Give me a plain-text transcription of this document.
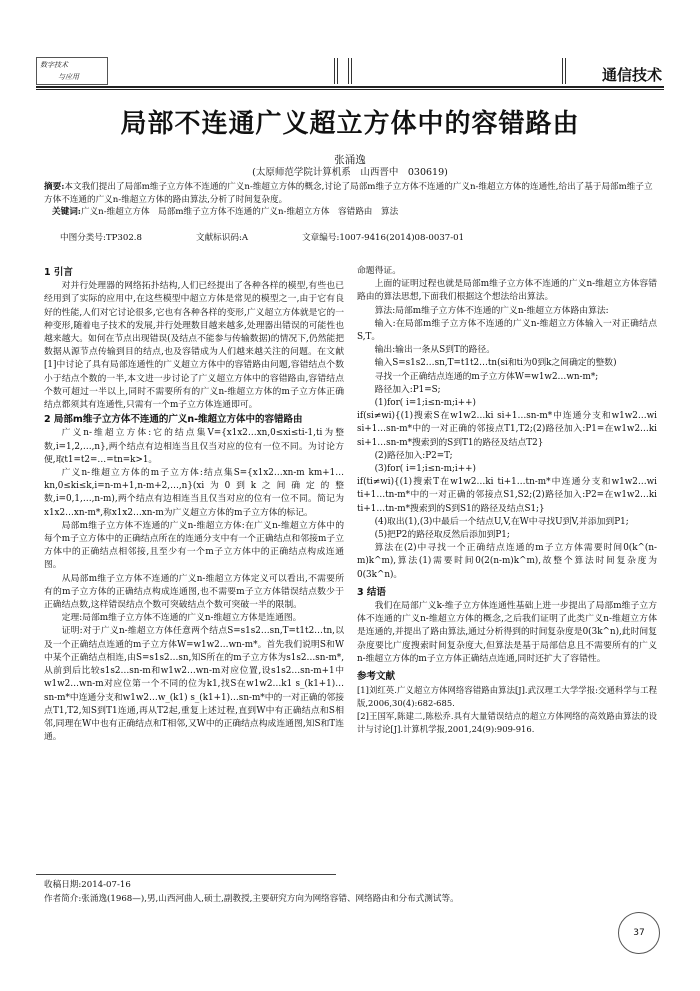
数字技术
与应用	通信技术
局部不连通广义超立方体中的容错路由
张涌逸
(太原师范学院计算机系　山西晋中　030619)
摘要:本文我们提出了局部m维子立方体不连通的广义n-维超立方体的概念,讨论了局部m维子立方体不连通的广义n-维超立方体的连通性,给出了基于局部m维子立方体不连通的广义n-维超立方体的路由算法,分析了时间复杂度。
关键词:广义n-维超立方体　局部m维子立方体不连通的广义n-维超立方体　容错路由　算法
中图分类号:TP302.8	文献标识码:A	文章编号:1007-9416(2014)08-0037-01
1 引言

对并行处理器的网络拓扑结构,人们已经提出了各种各样的模型,有些也已经用到了实际的应用中,在这些模型中超立方体是常见的模型之一,由于它有良好的性能,人们对它讨论很多,它也有各种各样的变形,广义超立方体就是它的一种变形,随着电子技术的发展,并行处理数目越来越多,处理器出错误的可能性也越来越大。如何在节点出现错误(及结点不能参与传输数据)的情况下,仍然能把数据从源节点传输到目的结点,也及容错成为人们越来越关注的问题。在文献[1]中讨论了具有局部连通性的广义超立方体中的容错路由问题,容错结点个数小于结点个数的一半,本文进一步讨论了广义超立方体中的容错路由,容错结点个数可超过一半以上,同时不需要所有的广义n-维超立方体的m子立方体正确结点都须其有连通性,只需有一个m子立方体连通即可。

2 局部m维子立方体不连通的广义n-维超立方体中的容错路由

广义n-维超立方体:它的结点集V={x1x2…xn,0≤xi≤ti-1,ti为整数,i=1,2,…,n},两个结点有边相连当且仅当对应的位有一位不同。为讨论方便,取t1=t2=…=tn=k>1。

广义n-维超立方体的m子立方体:结点集S={x1x2…xn-m km+1…kn,0≤ki≤k,i=n-m+1,n-m+2,…,n}(xi为0到k之间确定的整数,i=0,1,…,n-m),两个结点有边相连当且仅当对应的位有一位不同。简记为x1x2…xn-m*,称x1x2…xn-m为广义超立方体的m子立方体的标记。

局部m维子立方体不连通的广义n-维超立方体:在广义n-维超立方体中的每个m子立方体中的正确结点所在的连通分支中有一个正确结点和邻接m子立方体中的正确结点相邻接,且至少有一个m子立方体中的正确结点构成连通图。

从局部m维子立方体不连通的广义n-维超立方体定义可以看出,不需要所有的m子立方体的正确结点构成连通图,也不需要m子立方体错误结点数少于正确结点数,这样错误结点个数可突破结点个数可突破一半的限制。

定理:局部m维子立方体不连通的广义n-维超立方体是连通图。

证明:对于广义n-维超立方体任意两个结点S=s1s2…sn,T=t1t2…tn,以及一个正确结点连通的m子立方体W=w1w2…wn-m*。首先我们说明S和W中某个正确结点相连,由S=s1s2…sn,知S所在的m子立方体为s1s2…sn-m*,从前到后比较s1s2…sn-m和w1w2…wn-m对应位置,设s1s2…sn-m+1中w1w2…wn-m对应位第一个不同的位为k1,找S在w1w2…k1 s_(k1+1)…sn-m*中连通分支和w1w2…w_(k1) s_(k1+1)…sn-m*中的一对正确的邻接点T1,T2,知S到T1连通,再从T2起,重复上述过程,直到W中有正确结点和S相邻,同理在W中也有正确结点和T相邻,又W中的正确结点构成连通图,知S和T连通。

命题得证。

上面的证明过程也就是局部m维子立方体不连通的广义n-维超立方体容错路由的算法思想,下面我们根据这个想法给出算法。

算法:局部m维子立方体不连通的广义n-维超立方体路由算法:

输入:在局部m维子立方体不连通的广义n-维超立方体输入一对正确结点S,T。

输出:输出一条从S到T的路径。

输入S=s1s2…sn,T=t1t2…tn(si和ti为0到k之间确定的整数)

寻找一个正确结点连通的m子立方体W=w1w2…wn-m*;

路径加入:P1=S;

(1)for( i=1;i≤n-m;i++)

if(si≠wi){(1)搜索S在w1w2…ki si+1…sn-m*中连通分支和w1w2…wi si+1…sn-m*中的一对正确的邻接点T1,T2;(2)路径加入:P1=在w1w2…ki si+1…sn-m*搜索到的S到T1的路径及结点T2}

(2)路径加入:P2=T;

(3)for( i=1;i≤n-m;i++)

if(ti≠wi){(1)搜索T在w1w2…ki ti+1…tn-m*中连通分支和w1w2…wi ti+1…tn-m*中的一对正确的邻接点S1,S2;(2)路径加入:P2=在w1w2…ki ti+1…tn-m*搜索到的S到S1的路径及结点S1;}

(4)取出(1),(3)中最后一个结点U,V,在W中寻找U到V,并添加到P1;

(5)把P2的路径取反然后添加到P1;

算法在(2)中寻找一个正确结点连通的m子立方体需要时间0(k^(n-m)k^m),算法(1)需要时间0(2(n-m)k^m),故整个算法时间复杂度为0(3k^n)。

3 结语

我们在局部广义k-维子立方体连通性基础上进一步提出了局部m维子立方体不连通的广义n-维超立方体的概念,之后我们证明了此类广义n-维超立方体是连通的,并提出了路由算法,通过分析得到的时间复杂度是0(3k^n),此时间复杂度要比广度搜索时间复杂度大,但算法是基于局部信息且不需要所有的广义n-维超立方体的m子立方体正确结点连通,同时还扩大了容错性。

参考文献
[1]刘红英.广义超立方体网络容错路由算法[J].武汉理工大学学报:交通科学与工程版,2006,30(4):682-685.
[2]王国军,陈建二,陈松乔.具有大量错误结点的超立方体网络的高效路由算法的设计与讨论[J].计算机学报,2001,24(9):909-916.
收稿日期:2014-07-16
作者简介:张涌逸(1968—),男,山西河曲人,硕士,副教授,主要研究方向为网络容错、网络路由和分布式测试等。
37
